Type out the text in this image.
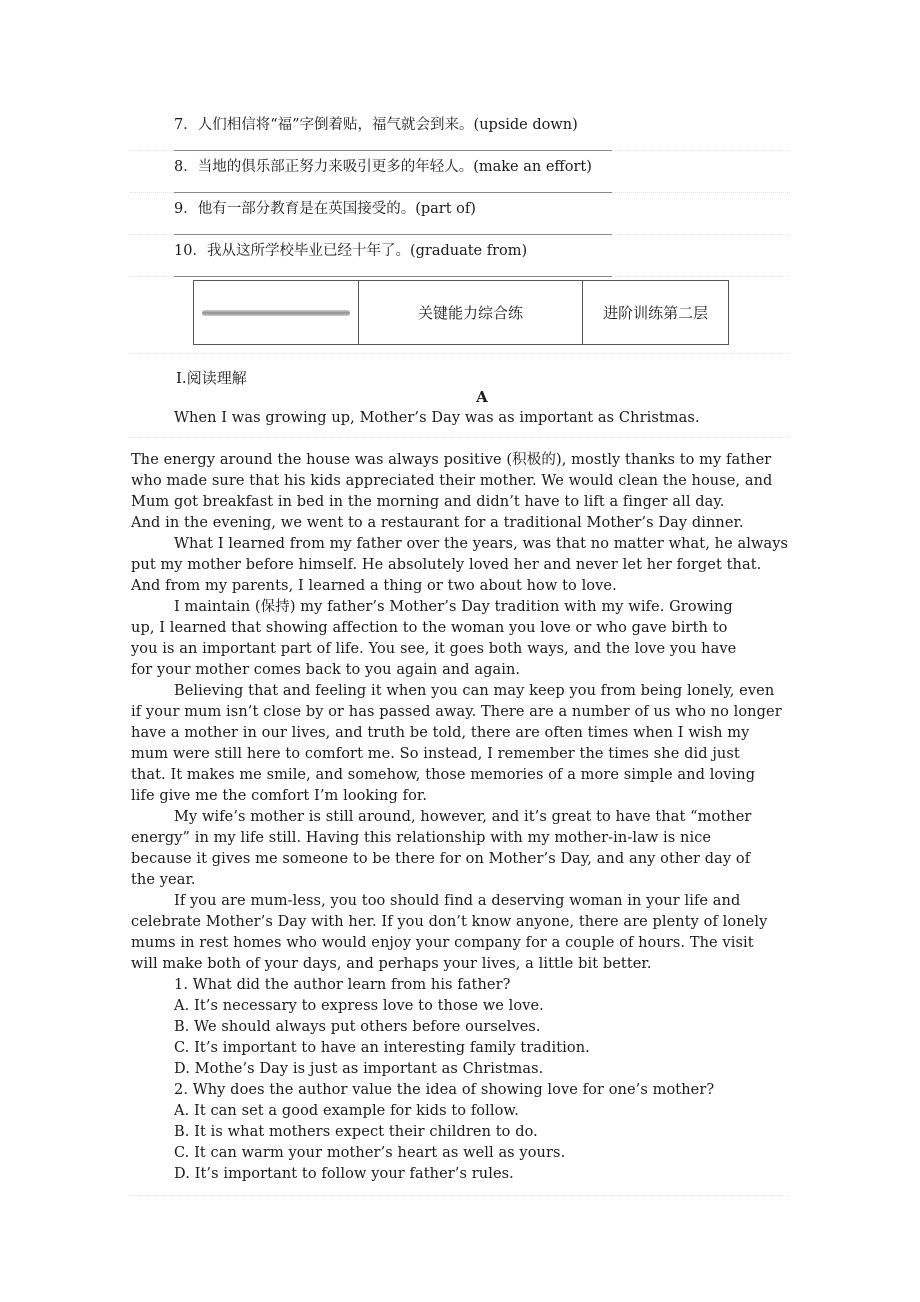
7．人们相信将“福”字倒着贴，福气就会到来。(upside down)
8．当地的俱乐部正努力来吸引更多的年轻人。(make an effort)
9．他有一部分教育是在英国接受的。(part of)
10．我从这所学校毕业已经十年了。(graduate from)
关键能力综合练	进阶训练第二层
Ⅰ.阅读理解
A
When I was growing up, Mother’s Day was as important as Christmas.
The energy around the house was always positive (积极的), mostly thanks to my father
who made sure that his kids appreciated their mother. We would clean the house, and
Mum got breakfast in bed in the morning and didn’t have to lift a finger all day.
And in the evening, we went to a restaurant for a traditional Mother’s Day dinner.
What I learned from my father over the years, was that no matter what, he always
put my mother before himself. He absolutely loved her and never let her forget that.
And from my parents, I learned a thing or two about how to love.
I maintain (保持) my father’s Mother’s Day tradition with my wife. Growing
up, I learned that showing affection to the woman you love or who gave birth to
you is an important part of life. You see, it goes both ways, and the love you have
for your mother comes back to you again and again.
Believing that and feeling it when you can may keep you from being lonely, even
if your mum isn’t close by or has passed away. There are a number of us who no longer
have a mother in our lives, and truth be told, there are often times when I wish my
mum were still here to comfort me. So instead, I remember the times she did just
that. It makes me smile, and somehow, those memories of a more simple and loving
life give me the comfort I’m looking for.
My wife’s mother is still around, however, and it’s great to have that “mother
energy” in my life still. Having this relationship with my mother-in-law is nice
because it gives me someone to be there for on Mother’s Day, and any other day of
the year.
If you are mum-less, you too should find a deserving woman in your life and
celebrate Mother’s Day with her. If you don’t know anyone, there are plenty of lonely
mums in rest homes who would enjoy your company for a couple of hours. The visit
will make both of your days, and perhaps your lives, a little bit better.
1. What did the author learn from his father?
A. It’s necessary to express love to those we love.
B. We should always put others before ourselves.
C. It’s important to have an interesting family tradition.
D. Mothe’s Day is just as important as Christmas.
2. Why does the author value the idea of showing love for one’s mother?
A. It can set a good example for kids to follow.
B. It is what mothers expect their children to do.
C. It can warm your mother’s heart as well as yours.
D. It’s important to follow your father’s rules.
